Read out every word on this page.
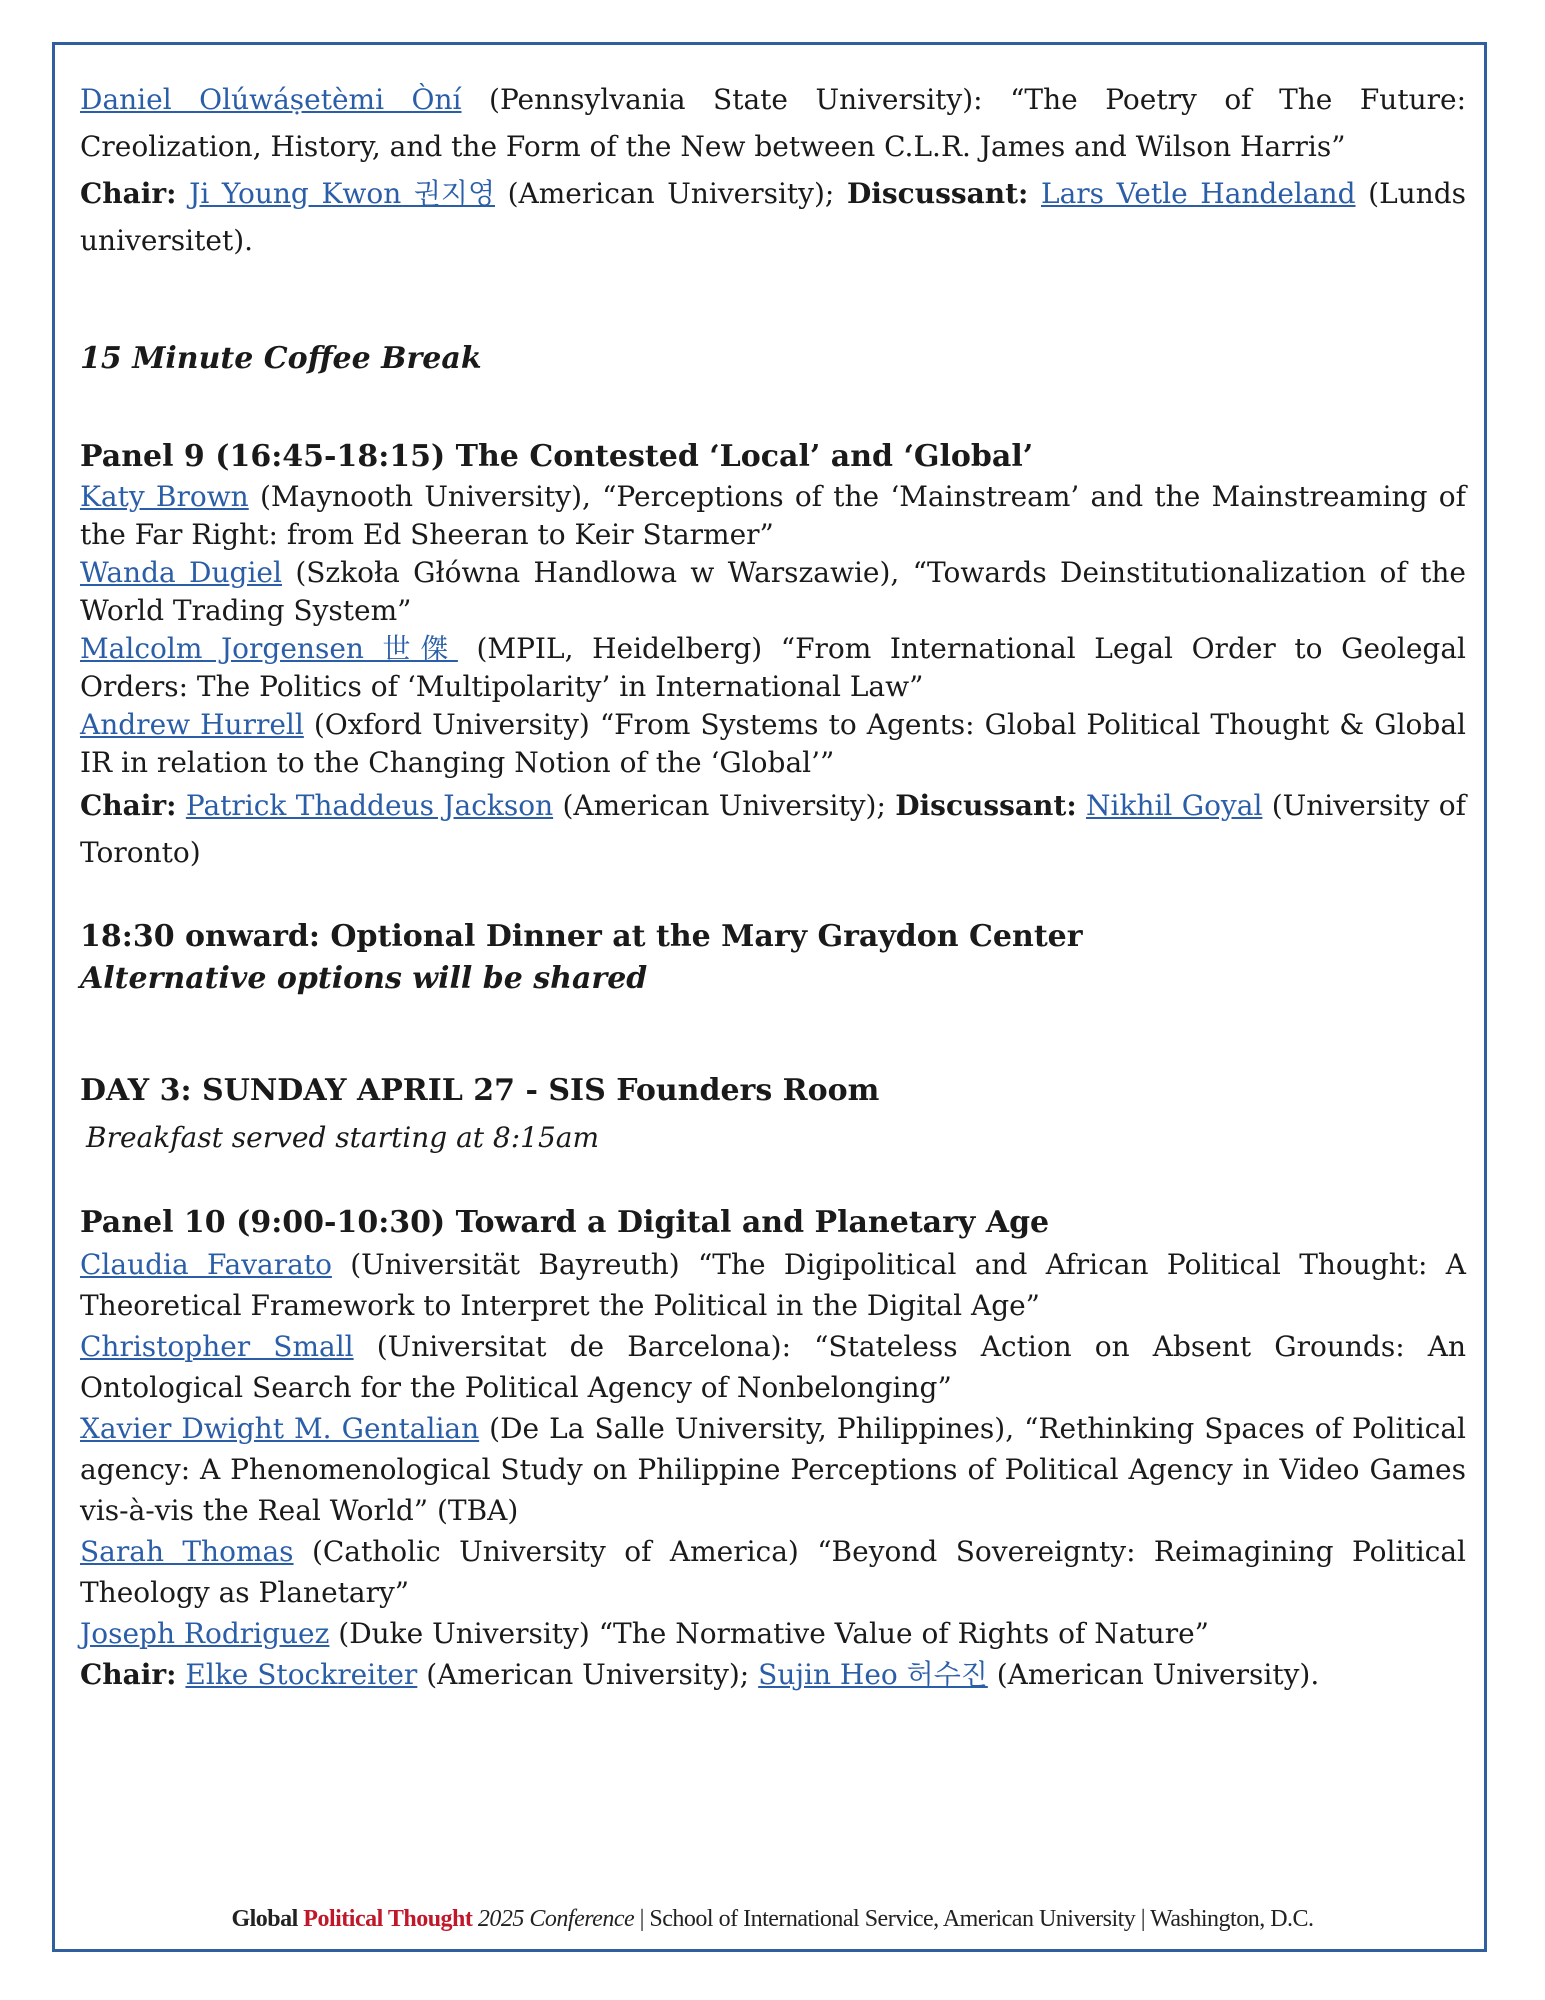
Daniel Olúwáṣetèmi Òní (Pennsylvania State University): “The Poetry of The Future: Creolization, History, and the Form of the New between C.L.R. James and Wilson Harris”

Chair: Ji Young Kwon 권지영 (American University); Discussant: Lars Vetle Handeland (Lunds universitet).

15 Minute Coffee Break

Panel 9 (16:45-18:15) The Contested ‘Local’ and ‘Global’

Katy Brown (Maynooth University), “Perceptions of the ‘Mainstream’ and the Mainstreaming of the Far Right: from Ed Sheeran to Keir Starmer”

Wanda Dugiel (Szkoła Główna Handlowa w Warszawie), “Towards Deinstitutionalization of the World Trading System”

Malcolm Jorgensen 世傑 (MPIL, Heidelberg) “From International Legal Order to Geolegal Orders: The Politics of ‘Multipolarity’ in International Law”

Andrew Hurrell (Oxford University) “From Systems to Agents: Global Political Thought & Global IR in relation to the Changing Notion of the ‘Global’”

Chair: Patrick Thaddeus Jackson (American University); Discussant: Nikhil Goyal (University of Toronto)

18:30 onward: Optional Dinner at the Mary Graydon Center

Alternative options will be shared

DAY 3: SUNDAY APRIL 27 - SIS Founders Room

Breakfast served starting at 8:15am

Panel 10 (9:00-10:30) Toward a Digital and Planetary Age

Claudia Favarato (Universität Bayreuth) “The Digipolitical and African Political Thought: A Theoretical Framework to Interpret the Political in the Digital Age”

Christopher Small (Universitat de Barcelona): “Stateless Action on Absent Grounds: An Ontological Search for the Political Agency of Nonbelonging”

Xavier Dwight M. Gentalian (De La Salle University, Philippines), “Rethinking Spaces of Political agency: A Phenomenological Study on Philippine Perceptions of Political Agency in Video Games vis-à-vis the Real World” (TBA)

Sarah Thomas (Catholic University of America) “Beyond Sovereignty: Reimagining Political Theology as Planetary”

Joseph Rodriguez (Duke University) “The Normative Value of Rights of Nature”

Chair: Elke Stockreiter (American University); Sujin Heo 허수진 (American University).

Global Political Thought 2025 Conference | School of International Service, American University | Washington, D.C.
